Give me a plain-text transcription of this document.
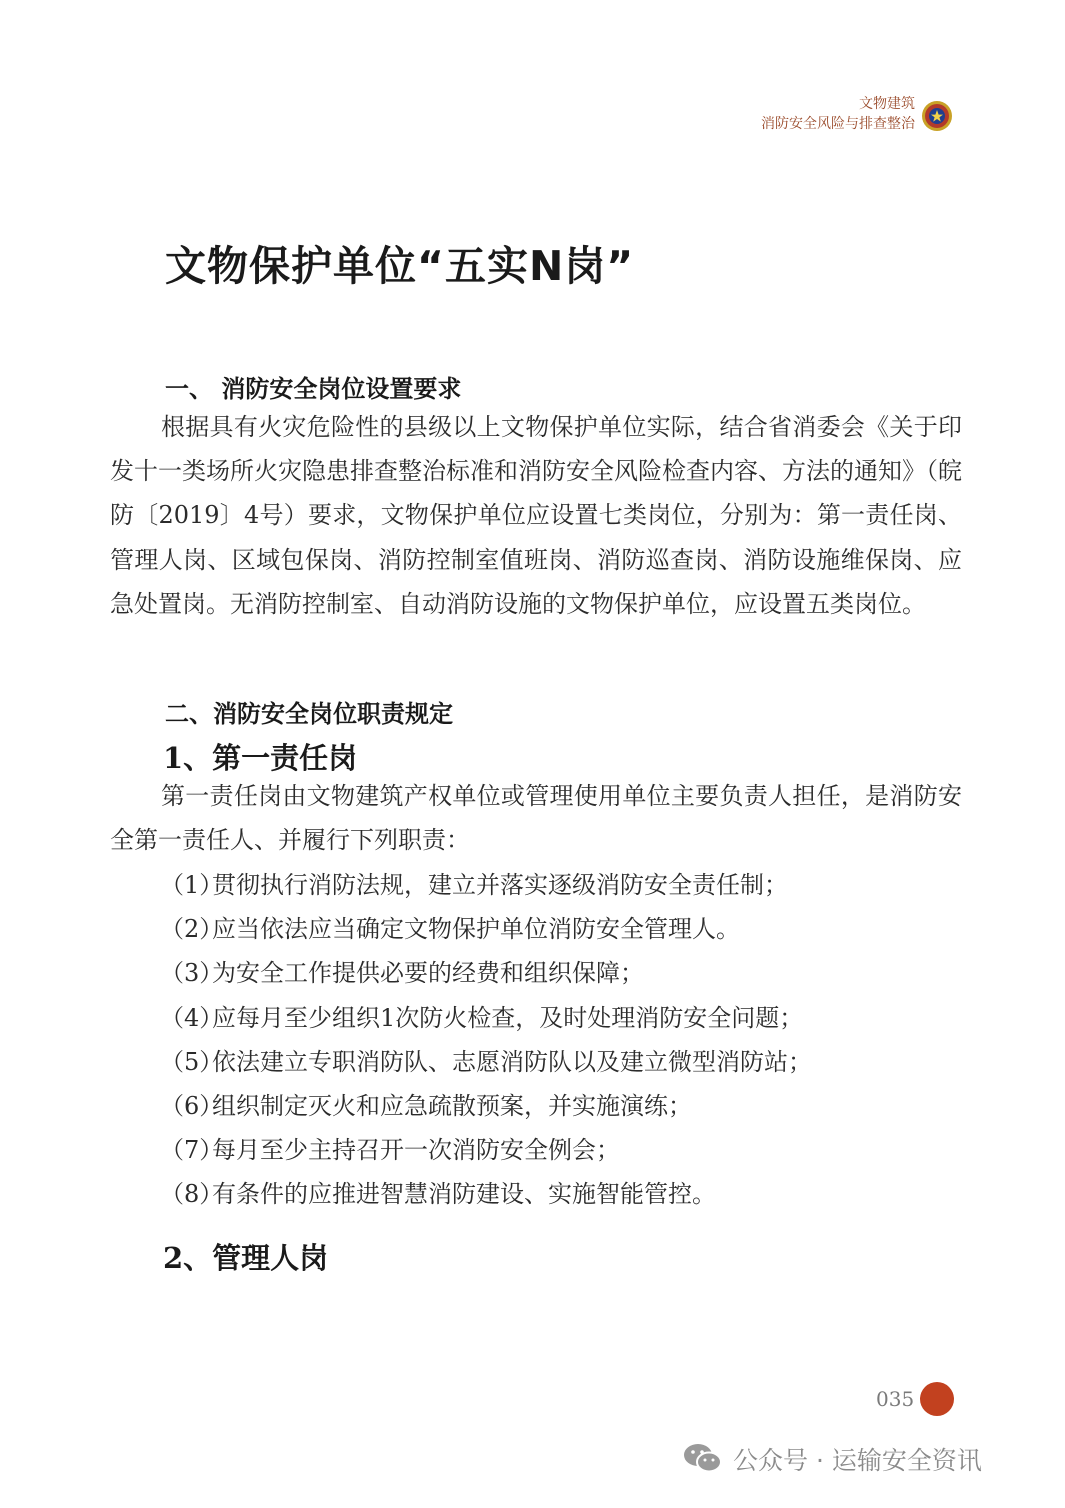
文物建筑
消防安全风险与排查整治
文物保护单位“五实N岗”
一、 消防安全岗位设置要求

根据具有火灾危险性的县级以上文物保护单位实际，结合省消委会《关于印发十一类场所火灾隐患排查整治标准和消防安全风险检查内容、方法的通知》（皖防〔2019〕4号）要求，文物保护单位应设置七类岗位，分别为：第一责任岗、管理人岗、区域包保岗、消防控制室值班岗、消防巡查岗、消防设施维保岗、应急处置岗。无消防控制室、自动消防设施的文物保护单位，应设置五类岗位。

二、消防安全岗位职责规定
1、第一责任岗

第一责任岗由文物建筑产权单位或管理使用单位主要负责人担任，是消防安全第一责任人、并履行下列职责：

（1）贯彻执行消防法规，建立并落实逐级消防安全责任制；
（2）应当依法应当确定文物保护单位消防安全管理人。
（3）为安全工作提供必要的经费和组织保障；
（4）应每月至少组织1次防火检查，及时处理消防安全问题；
（5）依法建立专职消防队、志愿消防队以及建立微型消防站；
（6）组织制定灭火和应急疏散预案，并实施演练；
（7）每月至少主持召开一次消防安全例会；
（8）有条件的应推进智慧消防建设、实施智能管控。
2、管理人岗
035
公众号 · 运输安全资讯
